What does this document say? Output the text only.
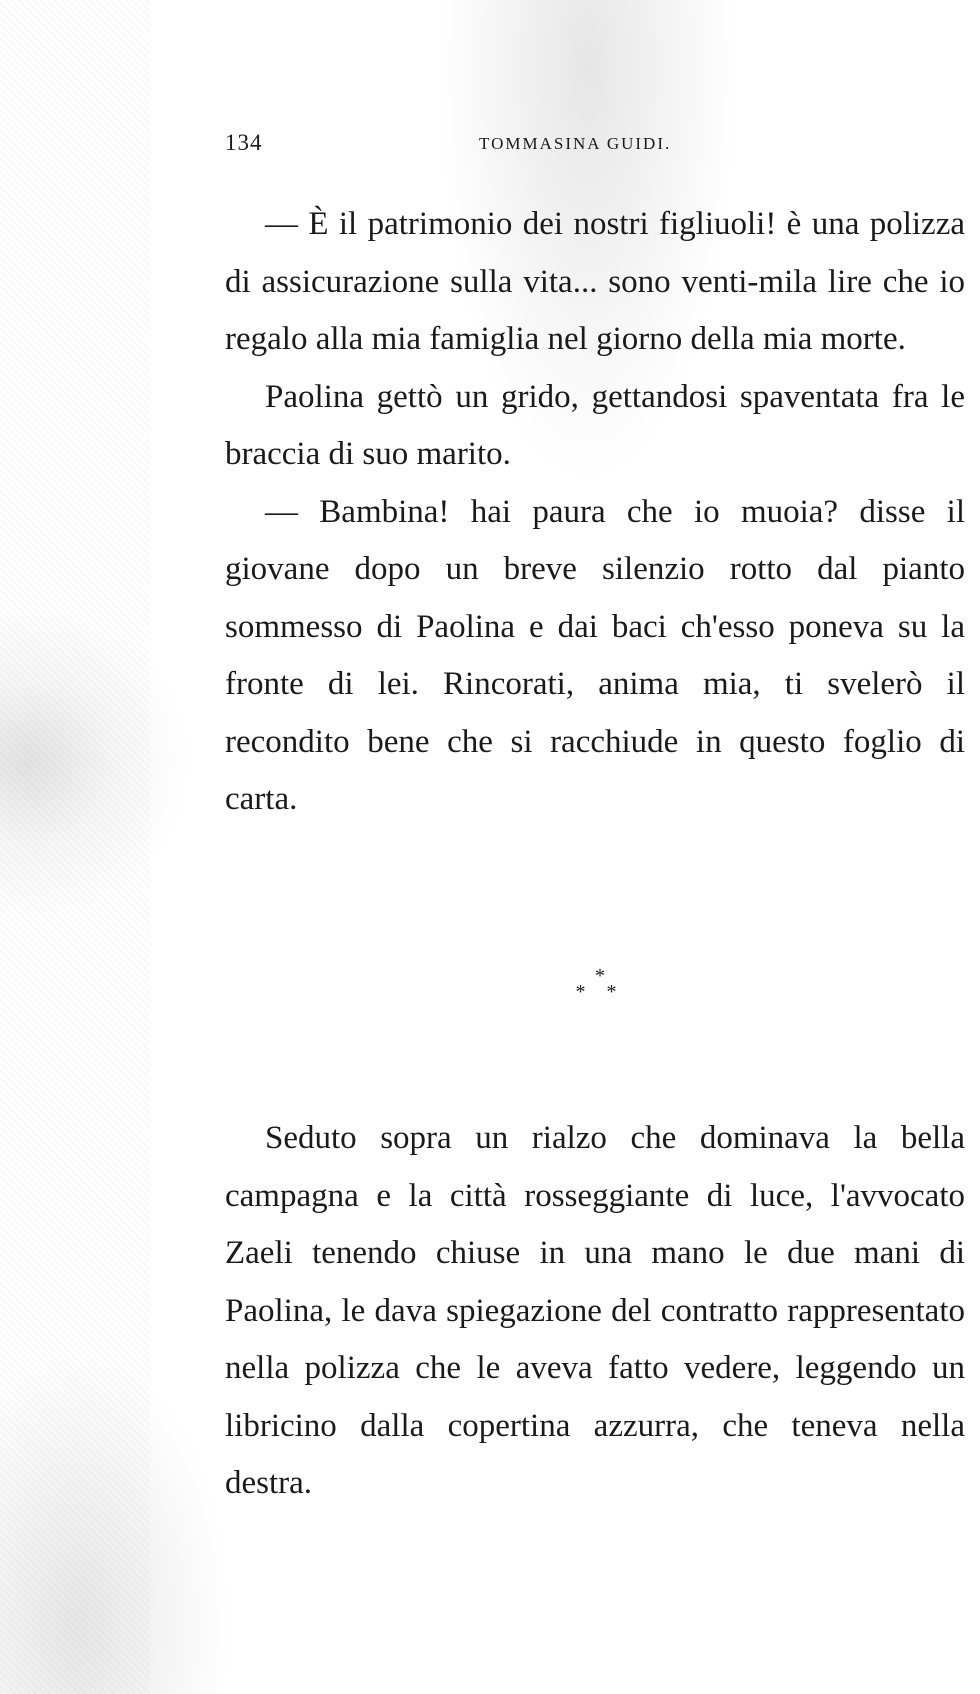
134	TOMMASINA GUIDI.

— È il patrimonio dei nostri figliuoli! è una polizza di assicurazione sulla vita... sono venti-mila lire che io regalo alla mia famiglia nel giorno della mia morte.

Paolina gettò un grido, gettandosi spaventata fra le braccia di suo marito.

— Bambina! hai paura che io muoia? disse il giovane dopo un breve silenzio rotto dal pianto sommesso di Paolina e dai baci ch'esso poneva su la fronte di lei. Rincorati, anima mia, ti svelerò il recondito bene che si racchiude in questo foglio di carta.

*
* *

Seduto sopra un rialzo che dominava la bella campagna e la città rosseggiante di luce, l'avvocato Zaeli tenendo chiuse in una mano le due mani di Paolina, le dava spiegazione del contratto rappresentato nella polizza che le aveva fatto vedere, leggendo un libricino dalla copertina azzurra, che teneva nella destra.
